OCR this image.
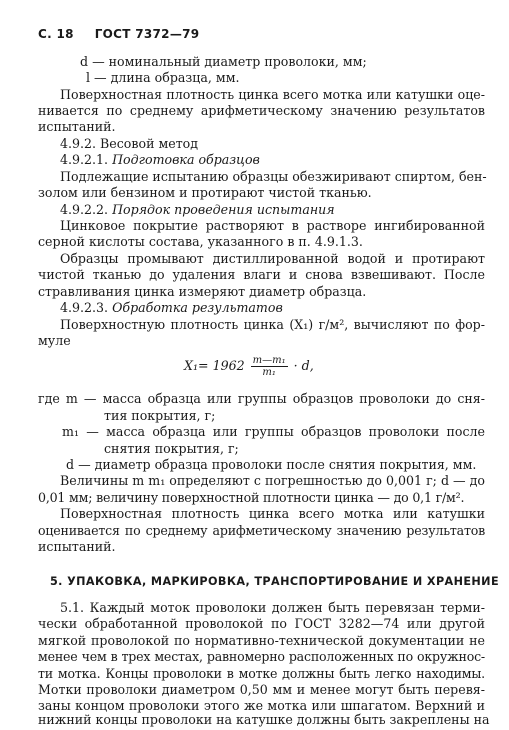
С. 18 ГОСТ 7372—79
d — номинальный диаметр проволоки, мм;
l — длина образца, мм.
Поверхностная плотность цинка всего мотка или катушки оце-
нивается по среднему арифметическому значению результатов
испытаний.
4.9.2. Весовой метод
4.9.2.1. Подготовка образцов
Подлежащие испытанию образцы обезжиривают спиртом, бен-
золом или бензином и протирают чистой тканью.
4.9.2.2. Порядок проведения испытания
Цинковое покрытие растворяют в растворе ингибированной
серной кислоты состава, указанного в п. 4.9.1.3.
Образцы промывают дистиллированной водой и протирают
чистой тканью до удаления влаги и снова взвешивают. После
стравливания цинка измеряют диаметр образца.
4.9.2.3. Обработка результатов
Поверхностную плотность цинка (X₁) г/м², вычисляют по фор-
муле
$X_1= 1962 \frac{\text{m—m₁}}{\text{m₁}} \cdot d$,
где m — масса образца или группы образцов проволоки до сня-
тия покрытия, г;
m₁ — масса образца или группы образцов проволоки после
снятия покрытия, г;
d — диаметр образца проволоки после снятия покрытия, мм.
Величины m m₁ определяют с погрешностью до 0,001 г; d — до
0,01 мм; величину поверхностной плотности цинка — до 0,1 г/м².
Поверхностная плотность цинка всего мотка или катушки
оценивается по среднему арифметическому значению результатов
испытаний.
5. УПАКОВКА, МАРКИРОВКА, ТРАНСПОРТИРОВАНИЕ И ХРАНЕНИЕ
5.1. Каждый моток проволоки должен быть перевязан терми-
чески обработанной проволокой по ГОСТ 3282—74 или другой
мягкой проволокой по нормативно-технической документации не
менее чем в трех местах, равномерно расположенных по окружнос-
ти мотка. Концы проволоки в мотке должны быть легко находимы.
Мотки проволоки диаметром 0,50 мм и менее могут быть перевя-
заны концом проволоки этого же мотка или шпагатом. Верхний и
нижний концы проволоки на катушке должны быть закреплены на
